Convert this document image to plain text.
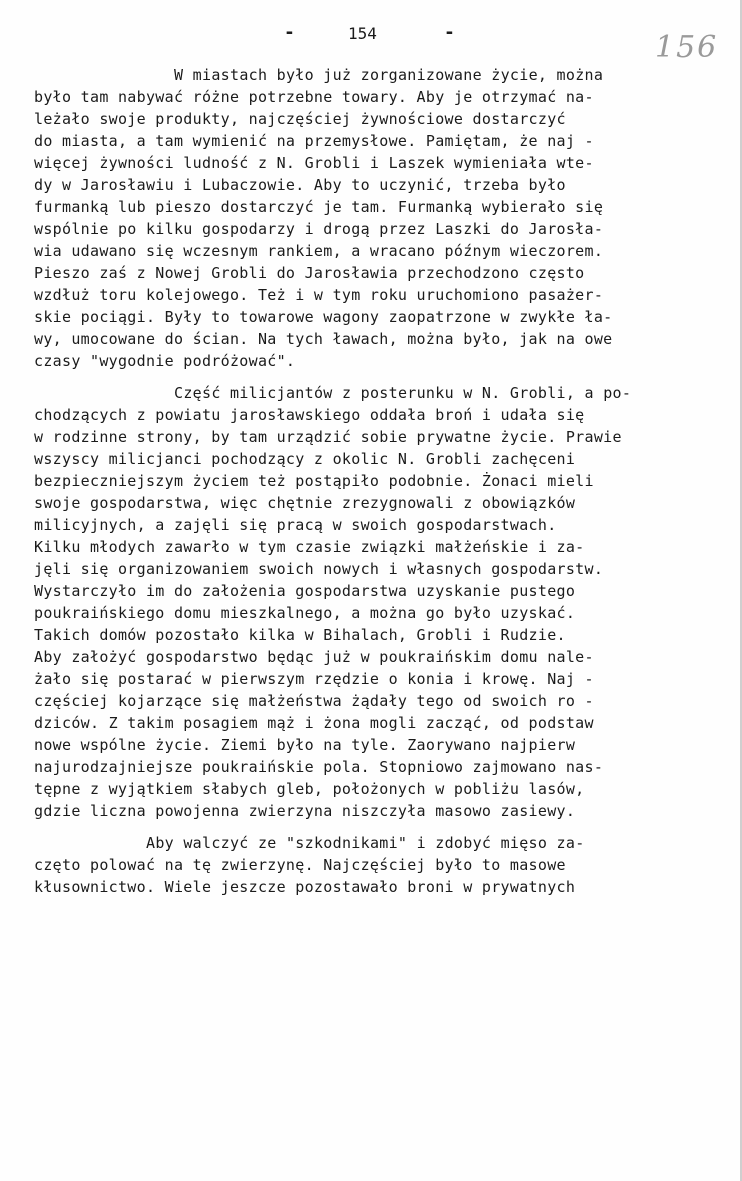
-	154	-	156
W miastach było już zorganizowane życie, można
było tam nabywać różne potrzebne towary. Aby je otrzymać na-
leżało swoje produkty, najczęściej żywnościowe dostarczyć
do miasta, a tam wymienić na przemysłowe. Pamiętam, że naj -
więcej żywności ludność z N. Grobli i Laszek wymieniała wte-
dy w Jarosławiu i Lubaczowie. Aby to uczynić, trzeba było
furmanką lub pieszo dostarczyć je tam. Furmanką wybierało się
wspólnie po kilku gospodarzy i drogą przez Laszki do Jarosła-
wia udawano się wczesnym rankiem, a wracano późnym wieczorem.
Pieszo zaś z Nowej Grobli do Jarosławia przechodzono często
wzdłuż toru kolejowego. Też i w tym roku uruchomiono pasażer-
skie pociągi. Były to towarowe wagony zaopatrzone w zwykłe ła-
wy, umocowane do ścian. Na tych ławach, można było, jak na owe
czasy "wygodnie podróżować".
Część milicjantów z posterunku w N. Grobli, a po-
chodzących z powiatu jarosławskiego oddała broń i udała się
w rodzinne strony, by tam urządzić sobie prywatne życie. Prawie
wszyscy milicjanci pochodzący z okolic N. Grobli zachęceni
bezpieczniejszym życiem też postąpiło podobnie. Żonaci mieli
swoje gospodarstwa, więc chętnie zrezygnowali z obowiązków
milicyjnych, a zajęli się pracą w swoich gospodarstwach.
Kilku młodych zawarło w tym czasie związki małżeńskie i za-
jęli się organizowaniem swoich nowych i własnych gospodarstw.
Wystarczyło im do założenia gospodarstwa uzyskanie pustego
poukraińskiego domu mieszkalnego, a można go było uzyskać.
Takich domów pozostało kilka w Bihalach, Grobli i Rudzie.
Aby założyć gospodarstwo będąc już w poukraińskim domu nale-
żało się postarać w pierwszym rzędzie o konia i krowę. Naj -
częściej kojarzące się małżeństwa żądały tego od swoich ro -
dziców. Z takim posagiem mąż i żona mogli zacząć, od podstaw
nowe wspólne życie. Ziemi było na tyle. Zaorywano najpierw
najurodzajniejsze poukraińskie pola. Stopniowo zajmowano nas-
tępne z wyjątkiem słabych gleb, położonych w pobliżu lasów,
gdzie liczna powojenna zwierzyna niszczyła masowo zasiewy.
Aby walczyć ze "szkodnikami" i zdobyć mięso za-
częto polować na tę zwierzynę. Najczęściej było to masowe
kłusownictwo. Wiele jeszcze pozostawało broni w prywatnych
